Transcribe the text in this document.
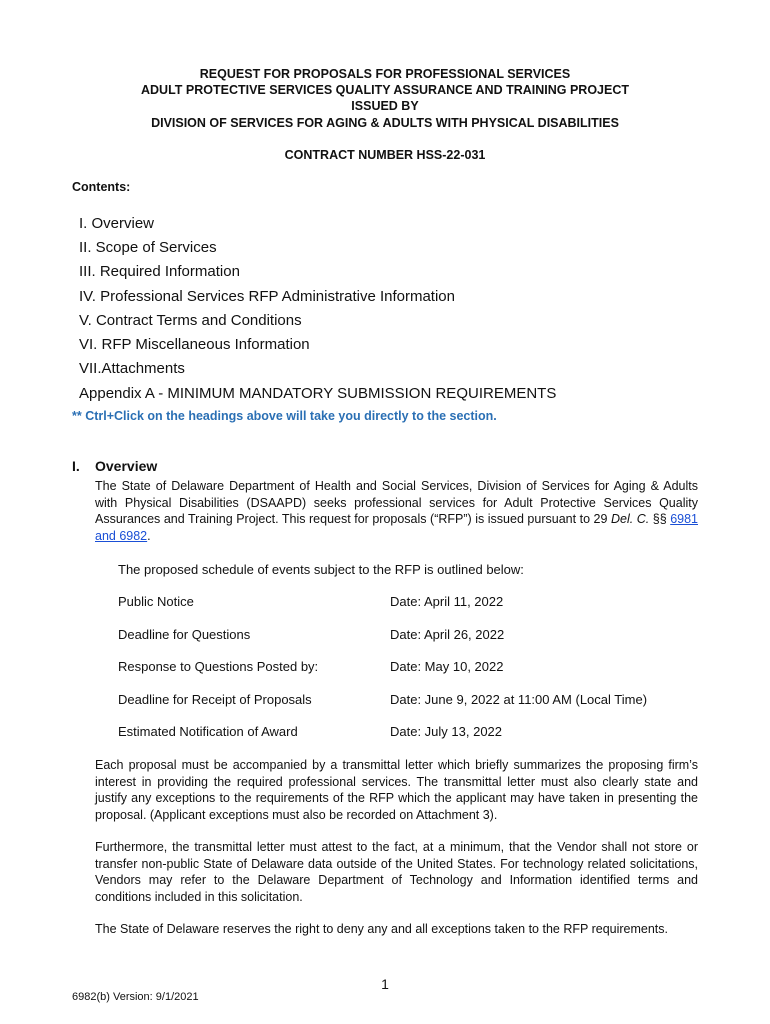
REQUEST FOR PROPOSALS FOR PROFESSIONAL SERVICES
ADULT PROTECTIVE SERVICES QUALITY ASSURANCE AND TRAINING PROJECT
ISSUED BY
DIVISION OF SERVICES FOR AGING & ADULTS WITH PHYSICAL DISABILITIES
CONTRACT NUMBER HSS-22-031
Contents:
I. Overview
II. Scope of Services
III. Required Information
IV. Professional Services RFP Administrative Information
V. Contract Terms and Conditions
VI. RFP Miscellaneous Information
VII.Attachments
Appendix A - MINIMUM MANDATORY SUBMISSION REQUIREMENTS
** Ctrl+Click on the headings above will take you directly to the section.
I. Overview
The State of Delaware Department of Health and Social Services, Division of Services for Aging & Adults with Physical Disabilities (DSAAPD) seeks professional services for Adult Protective Services Quality Assurances and Training Project. This request for proposals (“RFP”) is issued pursuant to 29 Del. C. §§ 6981 and 6982.
The proposed schedule of events subject to the RFP is outlined below:
Public Notice	Date: April 11, 2022
Deadline for Questions	Date: April 26, 2022
Response to Questions Posted by:	Date: May 10, 2022
Deadline for Receipt of Proposals	Date: June 9, 2022 at 11:00 AM (Local Time)
Estimated Notification of Award	Date: July 13, 2022
Each proposal must be accompanied by a transmittal letter which briefly summarizes the proposing firm’s interest in providing the required professional services. The transmittal letter must also clearly state and justify any exceptions to the requirements of the RFP which the applicant may have taken in presenting the proposal. (Applicant exceptions must also be recorded on Attachment 3).
Furthermore, the transmittal letter must attest to the fact, at a minimum, that the Vendor shall not store or transfer non-public State of Delaware data outside of the United States. For technology related solicitations, Vendors may refer to the Delaware Department of Technology and Information identified terms and conditions included in this solicitation.
The State of Delaware reserves the right to deny any and all exceptions taken to the RFP requirements.
1
6982(b) Version: 9/1/2021
